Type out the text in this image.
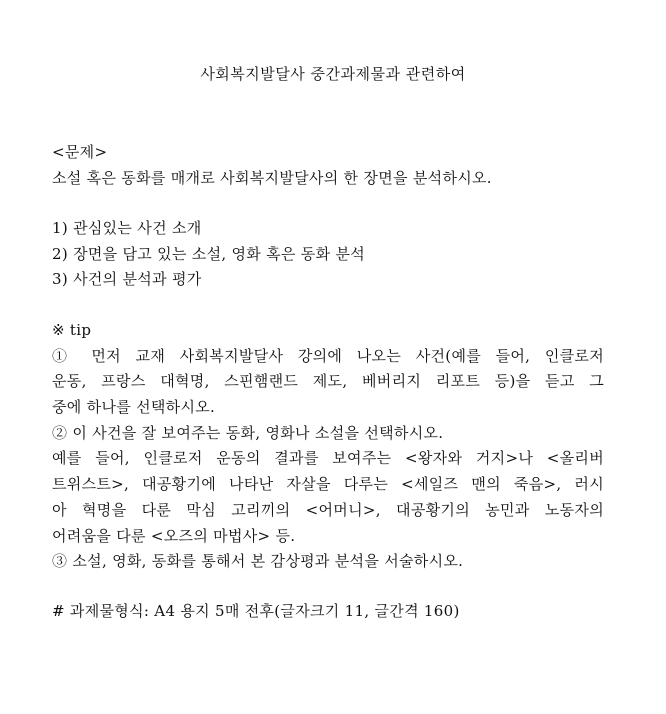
사회복지발달사 중간과제물과 관련하여
<문제>
소설 혹은 동화를 매개로 사회복지발달사의 한 장면을 분석하시오.
1) 관심있는 사건 소개
2) 장면을 담고 있는 소설, 영화 혹은 동화 분석
3) 사건의 분석과 평가
※ tip
① 먼저 교재 사회복지발달사 강의에 나오는 사건(예를 들어, 인클로저
운동, 프랑스 대혁명, 스핀햄랜드 제도, 베버리지 리포트 등)을 듣고 그
중에 하나를 선택하시오.
② 이 사건을 잘 보여주는 동화, 영화나 소설을 선택하시오.
예를 들어, 인클로저 운동의 결과를 보여주는 <왕자와 거지>나 <올리버
트위스트>, 대공황기에 나타난 자살을 다루는 <세일즈 맨의 죽음>, 러시
아 혁명을 다룬 막심 고리끼의 <어머니>, 대공황기의 농민과 노동자의
어려움을 다룬 <오즈의 마법사> 등.
③ 소설, 영화, 동화를 통해서 본 감상평과 분석을 서술하시오.
# 과제물형식: A4 용지 5매 전후(글자크기 11, 글간격 160)
